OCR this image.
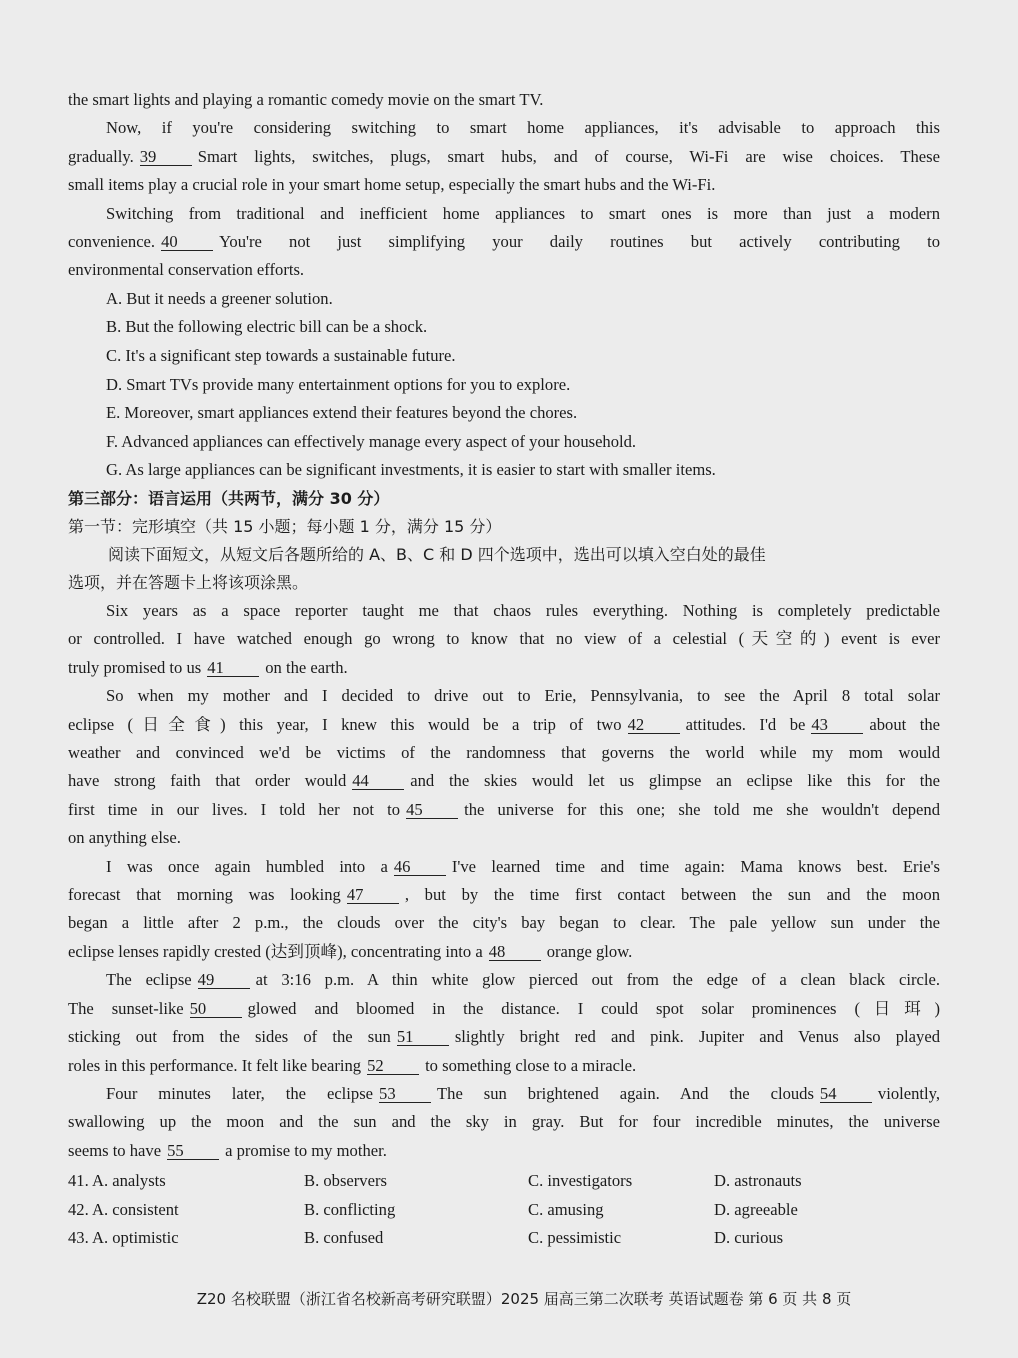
the smart lights and playing a romantic comedy movie on the smart TV.
Now, if you're considering switching to smart home appliances, it's advisable to approach this
gradually. 39 Smart lights, switches, plugs, smart hubs, and of course, Wi-Fi are wise choices. These
small items play a crucial role in your smart home setup, especially the smart hubs and the Wi-Fi.
Switching from traditional and inefficient home appliances to smart ones is more than just a modern
convenience. 40 You're not just simplifying your daily routines but actively contributing to
environmental conservation efforts.
A. But it needs a greener solution.
B. But the following electric bill can be a shock.
C. It's a significant step towards a sustainable future.
D. Smart TVs provide many entertainment options for you to explore.
E. Moreover, smart appliances extend their features beyond the chores.
F. Advanced appliances can effectively manage every aspect of your household.
G. As large appliances can be significant investments, it is easier to start with smaller items.
第三部分：语言运用（共两节，满分 30 分）
第一节：完形填空（共 15 小题；每小题 1 分，满分 15 分）
阅读下面短文，从短文后各题所给的 A、B、C 和 D 四个选项中，选出可以填入空白处的最佳
选项，并在答题卡上将该项涂黑。
Six years as a space reporter taught me that chaos rules everything. Nothing is completely predictable
or controlled. I have watched enough go wrong to know that no view of a celestial (天空的) event is ever
truly promised to us 41 on the earth.
So when my mother and I decided to drive out to Erie, Pennsylvania, to see the April 8 total solar
eclipse (日全食) this year, I knew this would be a trip of two 42 attitudes. I'd be 43 about the
weather and convinced we'd be victims of the randomness that governs the world while my mom would
have strong faith that order would 44 and the skies would let us glimpse an eclipse like this for the
first time in our lives. I told her not to 45 the universe for this one; she told me she wouldn't depend
on anything else.
I was once again humbled into a 46 I've learned time and time again: Mama knows best. Erie's
forecast that morning was looking 47 , but by the time first contact between the sun and the moon
began a little after 2 p.m., the clouds over the city's bay began to clear. The pale yellow sun under the
eclipse lenses rapidly crested (达到顶峰), concentrating into a 48 orange glow.
The eclipse 49 at 3:16 p.m. A thin white glow pierced out from the edge of a clean black circle.
The sunset-like 50 glowed and bloomed in the distance. I could spot solar prominences (日珥)
sticking out from the sides of the sun 51 slightly bright red and pink. Jupiter and Venus also played
roles in this performance. It felt like bearing 52 to something close to a miracle.
Four minutes later, the eclipse 53 The sun brightened again. And the clouds 54 violently,
swallowing up the moon and the sun and the sky in gray. But for four incredible minutes, the universe
seems to have 55 a promise to my mother.
41. A. analysts	B. observers	C. investigators	D. astronauts
42. A. consistent	B. conflicting	C. amusing	D. agreeable
43. A. optimistic	B. confused	C. pessimistic	D. curious
Z20 名校联盟（浙江省名校新高考研究联盟）2025 届高三第二次联考 英语试题卷 第 6 页 共 8 页
